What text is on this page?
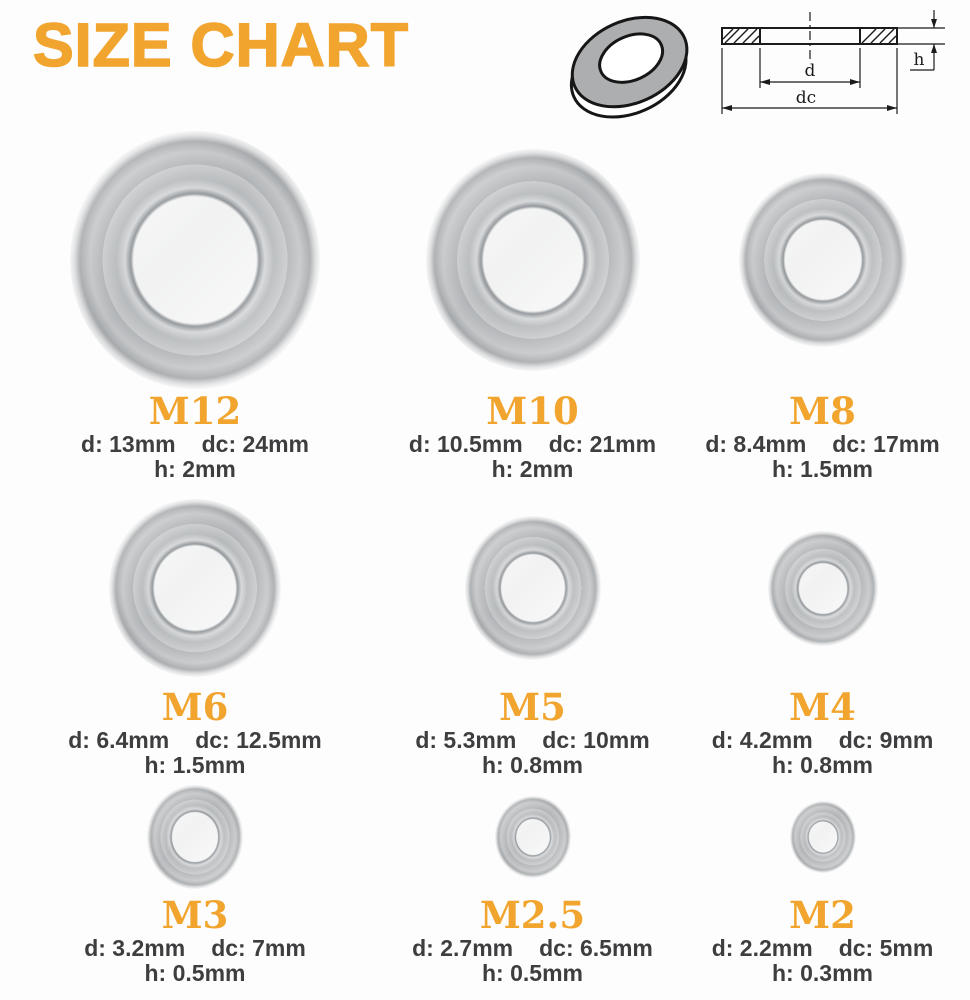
SIZE CHART	d
dc
h
M12
d: 13mm dc: 24mm
h: 2mm
M10
d: 10.5mm dc: 21mm
h: 2mm
M8
d: 8.4mm dc: 17mm
h: 1.5mm
M6
d: 6.4mm dc: 12.5mm
h: 1.5mm
M5
d: 5.3mm dc: 10mm
h: 0.8mm
M4
d: 4.2mm dc: 9mm
h: 0.8mm
M3
d: 3.2mm dc: 7mm
h: 0.5mm
M2.5
d: 2.7mm dc: 6.5mm
h: 0.5mm
M2
d: 2.2mm dc: 5mm
h: 0.3mm
